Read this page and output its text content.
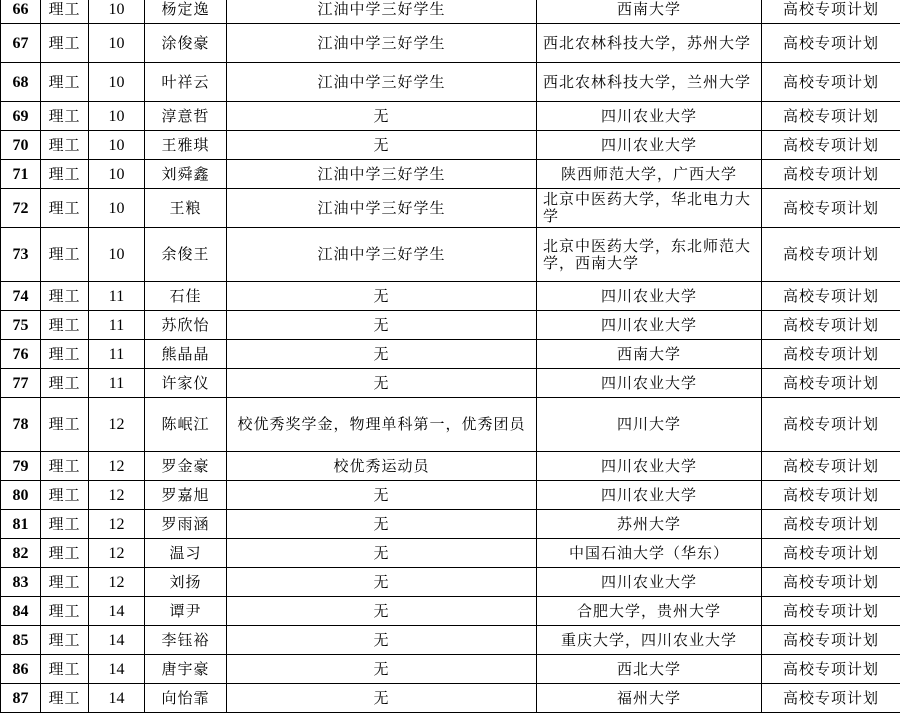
66	理工	10	杨定逸	江油中学三好学生	西南大学	高校专项计划
67	理工	10	涂俊豪	江油中学三好学生	西北农林科技大学，苏州大学	高校专项计划
68	理工	10	叶祥云	江油中学三好学生	西北农林科技大学，兰州大学	高校专项计划
69	理工	10	淳意哲	无	四川农业大学	高校专项计划
70	理工	10	王雅琪	无	四川农业大学	高校专项计划
71	理工	10	刘舜鑫	江油中学三好学生	陕西师范大学，广西大学	高校专项计划
72	理工	10	王粮	江油中学三好学生	北京中医药大学，华北电力大学	高校专项计划
73	理工	10	余俊王	江油中学三好学生	北京中医药大学，东北师范大学，西南大学	高校专项计划
74	理工	11	石佳	无	四川农业大学	高校专项计划
75	理工	11	苏欣怡	无	四川农业大学	高校专项计划
76	理工	11	熊晶晶	无	西南大学	高校专项计划
77	理工	11	许家仪	无	四川农业大学	高校专项计划
78	理工	12	陈岷江	校优秀奖学金，物理单科第一，优秀团员	四川大学	高校专项计划
79	理工	12	罗金豪	校优秀运动员	四川农业大学	高校专项计划
80	理工	12	罗嘉旭	无	四川农业大学	高校专项计划
81	理工	12	罗雨涵	无	苏州大学	高校专项计划
82	理工	12	温习	无	中国石油大学（华东）	高校专项计划
83	理工	12	刘扬	无	四川农业大学	高校专项计划
84	理工	14	谭尹	无	合肥大学，贵州大学	高校专项计划
85	理工	14	李钰裕	无	重庆大学，四川农业大学	高校专项计划
86	理工	14	唐宇豪	无	西北大学	高校专项计划
87	理工	14	向怡霏	无	福州大学	高校专项计划
